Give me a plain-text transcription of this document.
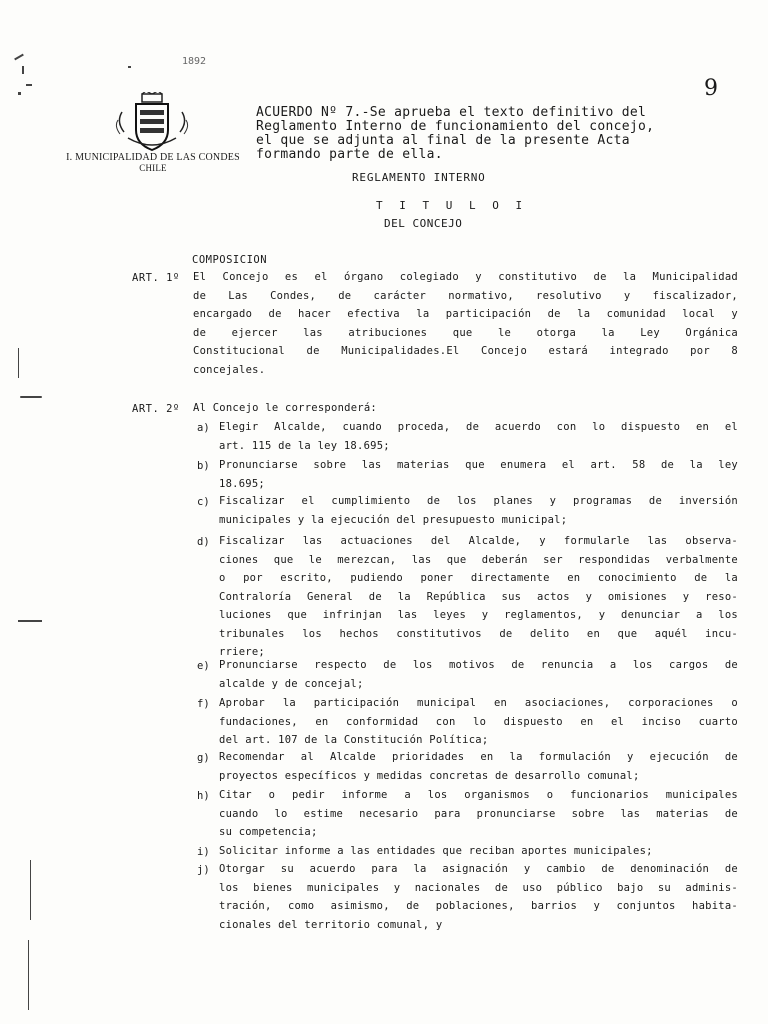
1892
9
I. MUNICIPALIDAD DE LAS CONDES
CHILE
ACUERDO Nº 7.-Se aprueba el texto definitivo del
Reglamento Interno de funcionamiento del concejo,
el que se adjunta al final de la presente Acta
formando parte de ella.
REGLAMENTO INTERNO
T I T U L O I
DEL CONCEJO
COMPOSICION
ART. 1º El Concejo es el órgano colegiado y constitutivo de la Municipalidad
de Las Condes, de carácter normativo, resolutivo y fiscalizador,
encargado de hacer efectiva la participación de la comunidad local y
de ejercer las atribuciones que le otorga la Ley Orgánica
Constitucional de Municipalidades.El Concejo estará integrado por 8
concejales.
ART. 2º Al Concejo le corresponderá:
a) Elegir Alcalde, cuando proceda, de acuerdo con lo dispuesto en el
art. 115 de la ley 18.695;
b) Pronunciarse sobre las materias que enumera el art. 58 de la ley
18.695;
c) Fiscalizar el cumplimiento de los planes y programas de inversión
municipales y la ejecución del presupuesto municipal;
d) Fiscalizar las actuaciones del Alcalde, y formularle las observa-
ciones que le merezcan, las que deberán ser respondidas verbalmente
o por escrito, pudiendo poner directamente en conocimiento de la
Contraloría General de la República sus actos y omisiones y reso-
luciones que infrinjan las leyes y reglamentos, y denunciar a los
tribunales los hechos constitutivos de delito en que aquél incu-
rriere;
e) Pronunciarse respecto de los motivos de renuncia a los cargos de
alcalde y de concejal;
f) Aprobar la participación municipal en asociaciones, corporaciones o
fundaciones, en conformidad con lo dispuesto en el inciso cuarto
del art. 107 de la Constitución Política;
g) Recomendar al Alcalde prioridades en la formulación y ejecución de
proyectos específicos y medidas concretas de desarrollo comunal;
h) Citar o pedir informe a los organismos o funcionarios municipales
cuando lo estime necesario para pronunciarse sobre las materias de
su competencia;
i) Solicitar informe a las entidades que reciban aportes municipales;
j) Otorgar su acuerdo para la asignación y cambio de denominación de
los bienes municipales y nacionales de uso público bajo su adminis-
tración, como asimismo, de poblaciones, barrios y conjuntos habita-
cionales del territorio comunal, y
